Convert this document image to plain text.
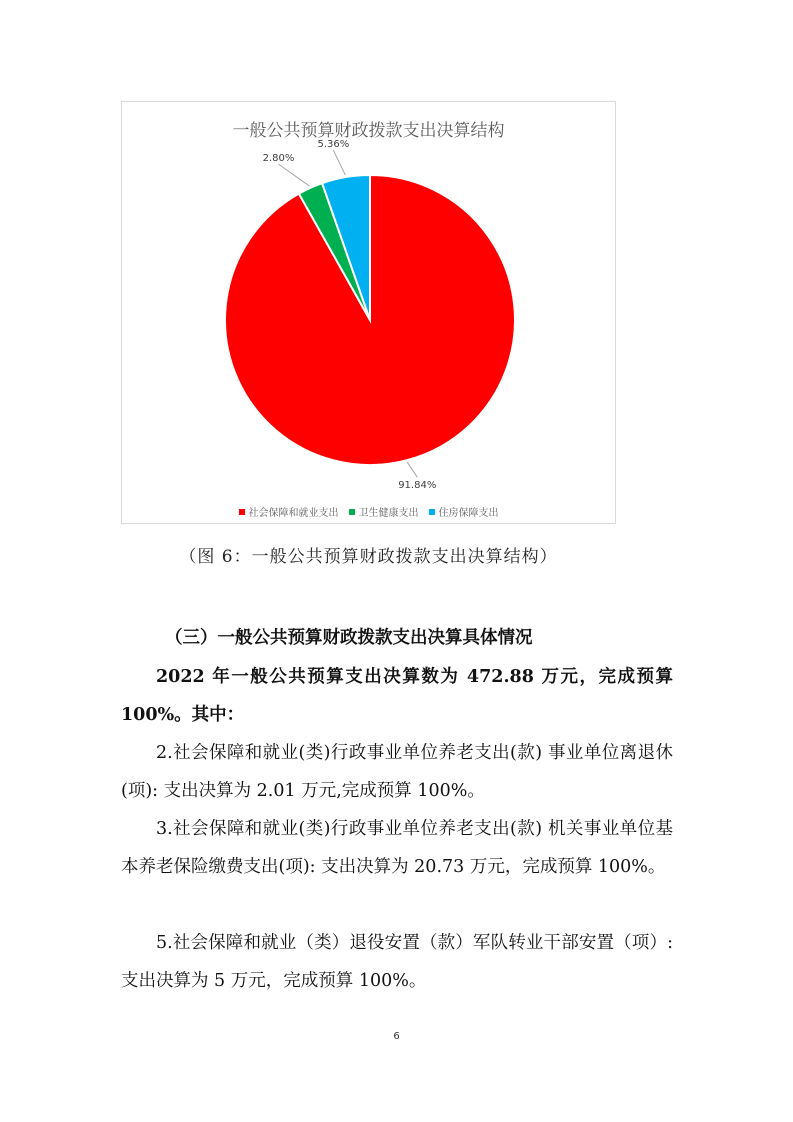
一般公共预算财政拨款支出决算结构
91.84%
2.80%
5.36%
社会保障和就业支出 卫生健康支出 住房保障支出
（图 6：一般公共预算财政拨款支出决算结构）
（三）一般公共预算财政拨款支出决算具体情况
2022 年一般公共预算支出决算数为 472.88 万元，完成预算 100%。其中：
2.社会保障和就业(类)行政事业单位养老支出(款) 事业单位离退休(项): 支出决算为 2.01 万元,完成预算 100%。
3.社会保障和就业(类)行政事业单位养老支出(款) 机关事业单位基本养老保险缴费支出(项): 支出决算为 20.73 万元，完成预算 100%。
5.社会保障和就业（类）退役安置（款）军队转业干部安置（项）: 支出决算为 5 万元，完成预算 100%。
6
